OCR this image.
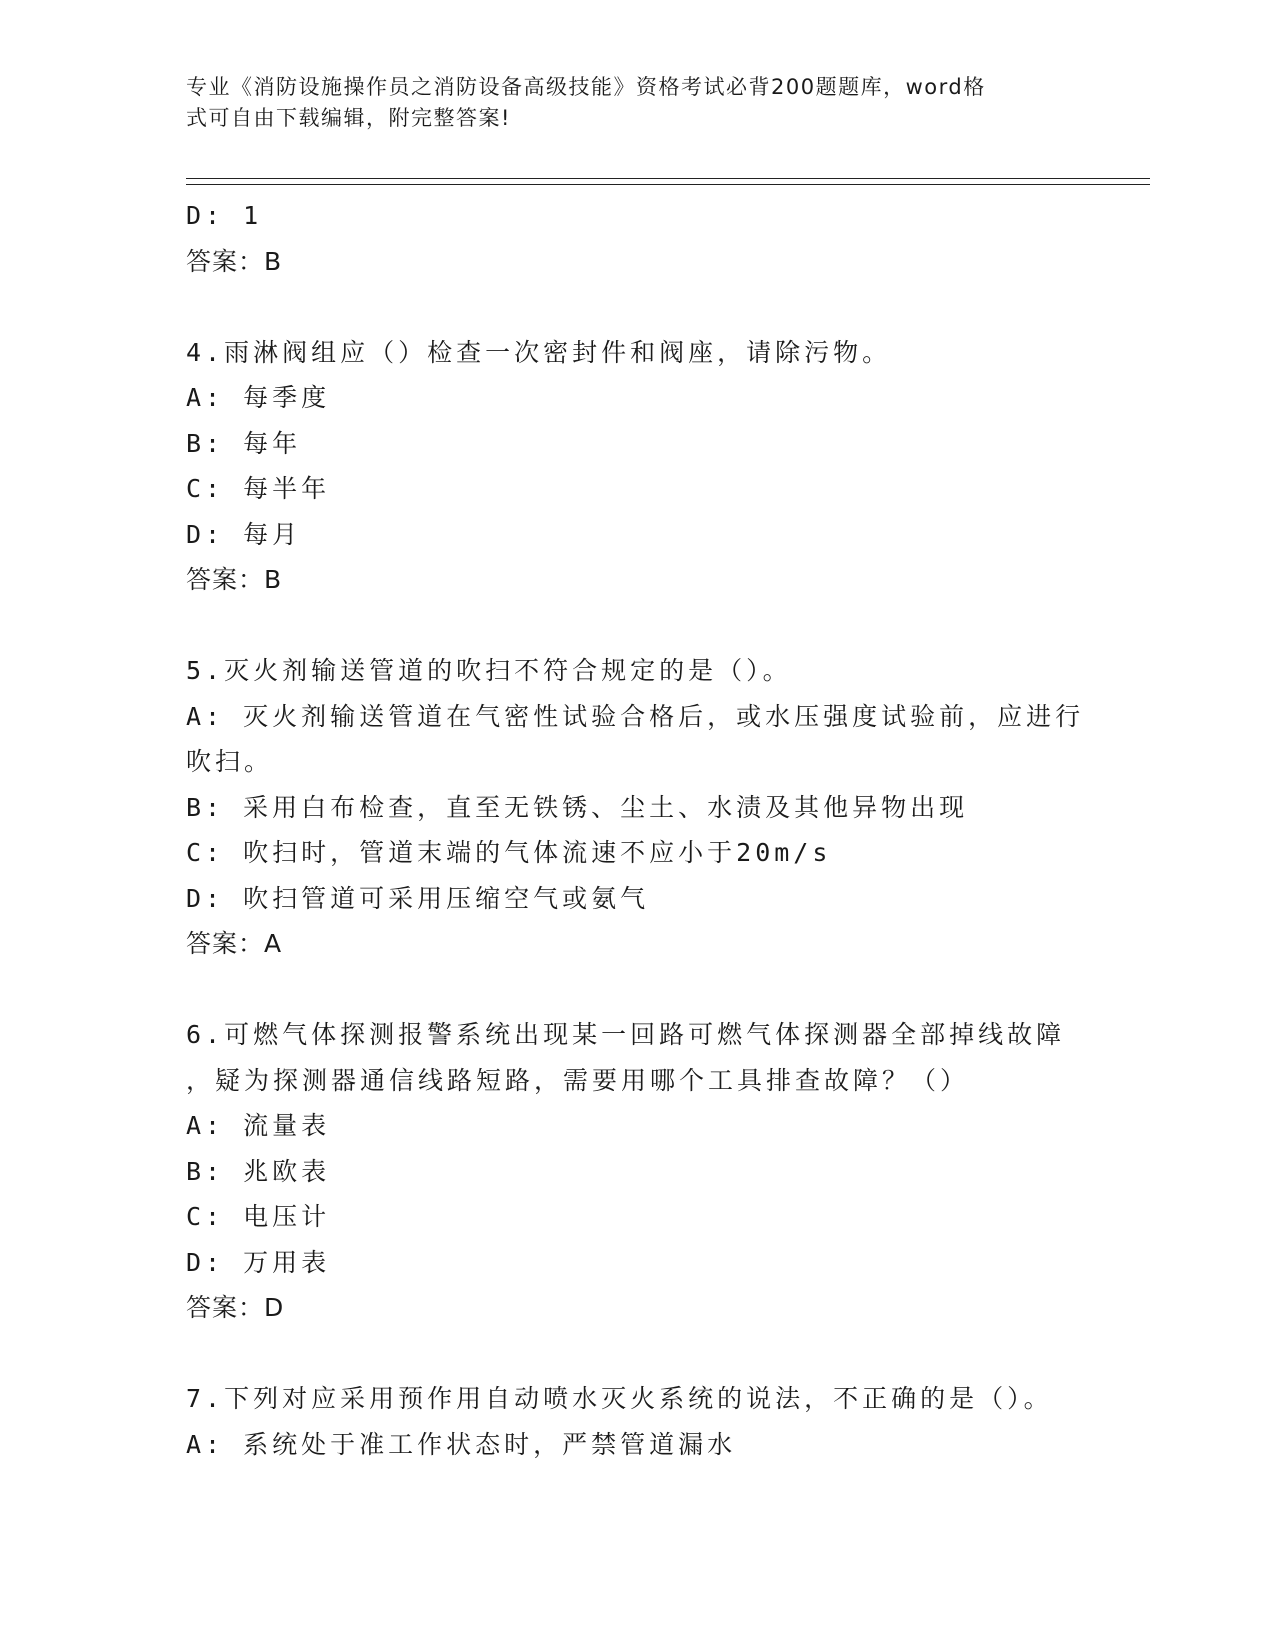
专业《消防设施操作员之消防设备高级技能》资格考试必背200题题库，word格
式可自由下载编辑，附完整答案!
D: 1
答案：B
4.雨淋阀组应（）检查一次密封件和阀座，请除污物。
A: 每季度
B: 每年
C: 每半年
D: 每月
答案：B
5.灭火剂输送管道的吹扫不符合规定的是（）。
A: 灭火剂输送管道在气密性试验合格后，或水压强度试验前，应进行
吹扫。
B: 采用白布检查，直至无铁锈、尘土、水渍及其他异物出现
C: 吹扫时，管道末端的气体流速不应小于20m/s
D: 吹扫管道可采用压缩空气或氨气
答案：A
6.可燃气体探测报警系统出现某一回路可燃气体探测器全部掉线故障
，疑为探测器通信线路短路，需要用哪个工具排查故障？（）
A: 流量表
B: 兆欧表
C: 电压计
D: 万用表
答案：D
7.下列对应采用预作用自动喷水灭火系统的说法，不正确的是（）。
A: 系统处于准工作状态时，严禁管道漏水
